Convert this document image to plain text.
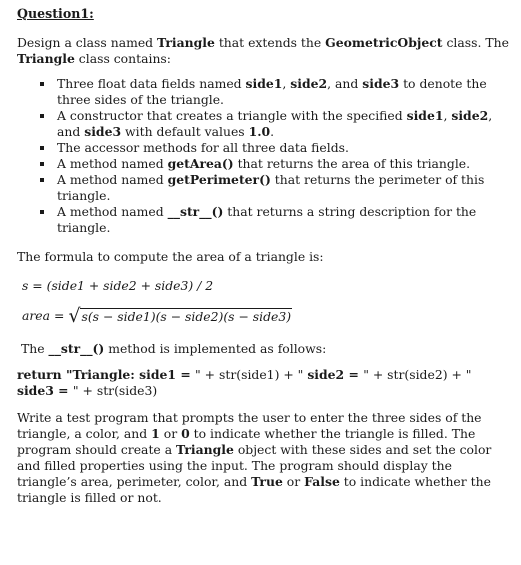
Question1:

Design a class named Triangle that extends the GeometricObject class. The Triangle class contains:

Three float data fields named side1, side2, and side3 to denote the three sides of the triangle.
A constructor that creates a triangle with the specified side1, side2, and side3 with default values 1.0.
The accessor methods for all three data fields.
A method named getArea() that returns the area of this triangle.
A method named getPerimeter() that returns the perimeter of this triangle.
A method named __str__() that returns a string description for the triangle.

The formula to compute the area of a triangle is:

s = (side1 + side2 + side3) / 2
area = √ s(s − side1)(s − side2)(s − side3)

The __str__() method is implemented as follows:

return "Triangle: side1 = " + str(side1) + " side2 = " + str(side2) + " side3 = " + str(side3)

Write a test program that prompts the user to enter the three sides of the triangle, a color, and 1 or 0 to indicate whether the triangle is filled. The program should create a Triangle object with these sides and set the color and filled properties using the input. The program should display the triangle’s area, perimeter, color, and True or False to indicate whether the triangle is filled or not.
